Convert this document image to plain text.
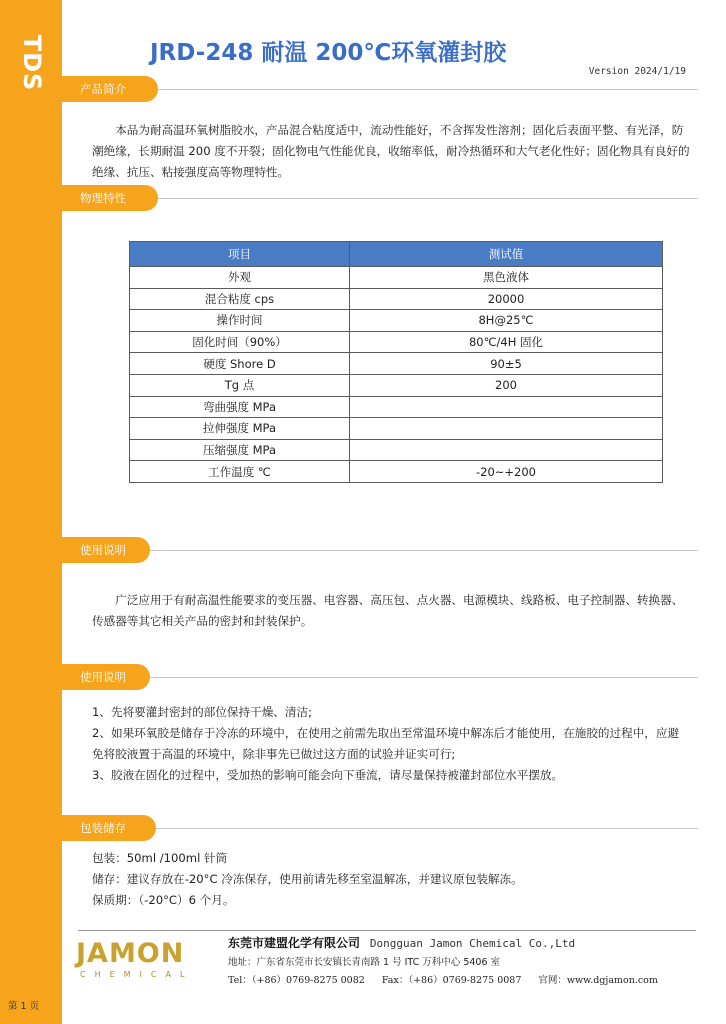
TDS	JRD-248 耐温 200℃环氧灌封胶
Version 2024/1/19
产品简介

本品为耐高温环氧树脂胶水，产品混合粘度适中，流动性能好，不含挥发性溶剂；固化后表面平整、有光泽，防潮绝缘，长期耐温 200 度不开裂；固化物电气性能优良，收缩率低，耐冷热循环和大气老化性好；固化物具有良好的绝缘、抗压、粘接强度高等物理特性。

物理特性
项目	测试值
外观	黑色液体
混合粘度 cps	20000
操作时间	8H@25℃
固化时间（90%）	80℃/4H 固化
硬度 Shore D	90±5
Tg 点	200
弯曲强度 MPa	
拉伸强度 MPa	
压缩强度 MPa	
工作温度 ℃	-20~+200
使用说明

广泛应用于有耐高温性能要求的变压器、电容器、高压包、点火器、电源模块、线路板、电子控制器、转换器、传感器等其它相关产品的密封和封装保护。

使用说明

1、先将要灌封密封的部位保持干燥、清洁;

2、如果环氧胶是储存于冷冻的环境中，在使用之前需先取出至常温环境中解冻后才能使用，在施胶的过程中，应避免将胶液置于高温的环境中，除非事先已做过这方面的试验并证实可行;

3、胶液在固化的过程中，受加热的影响可能会向下垂流，请尽量保持被灌封部位水平摆放。

包装储存

包装：50ml /100ml 针筒

储存：建议存放在-20°C 冷冻保存，使用前请先移至室温解冻，并建议原包装解冻。

保质期：（-20°C）6 个月。

JAMON
CHEMICAL
东莞市建盟化学有限公司 Dongguan Jamon Chemical Co.,Ltd
地址：广东省东莞市长安镇长青南路 1 号 ITC 万科中心 5406 室
Tel：（+86）0769-8275 0082 Fax：（+86）0769-8275 0087 官网：www.dgjamon.com
第 1 页
